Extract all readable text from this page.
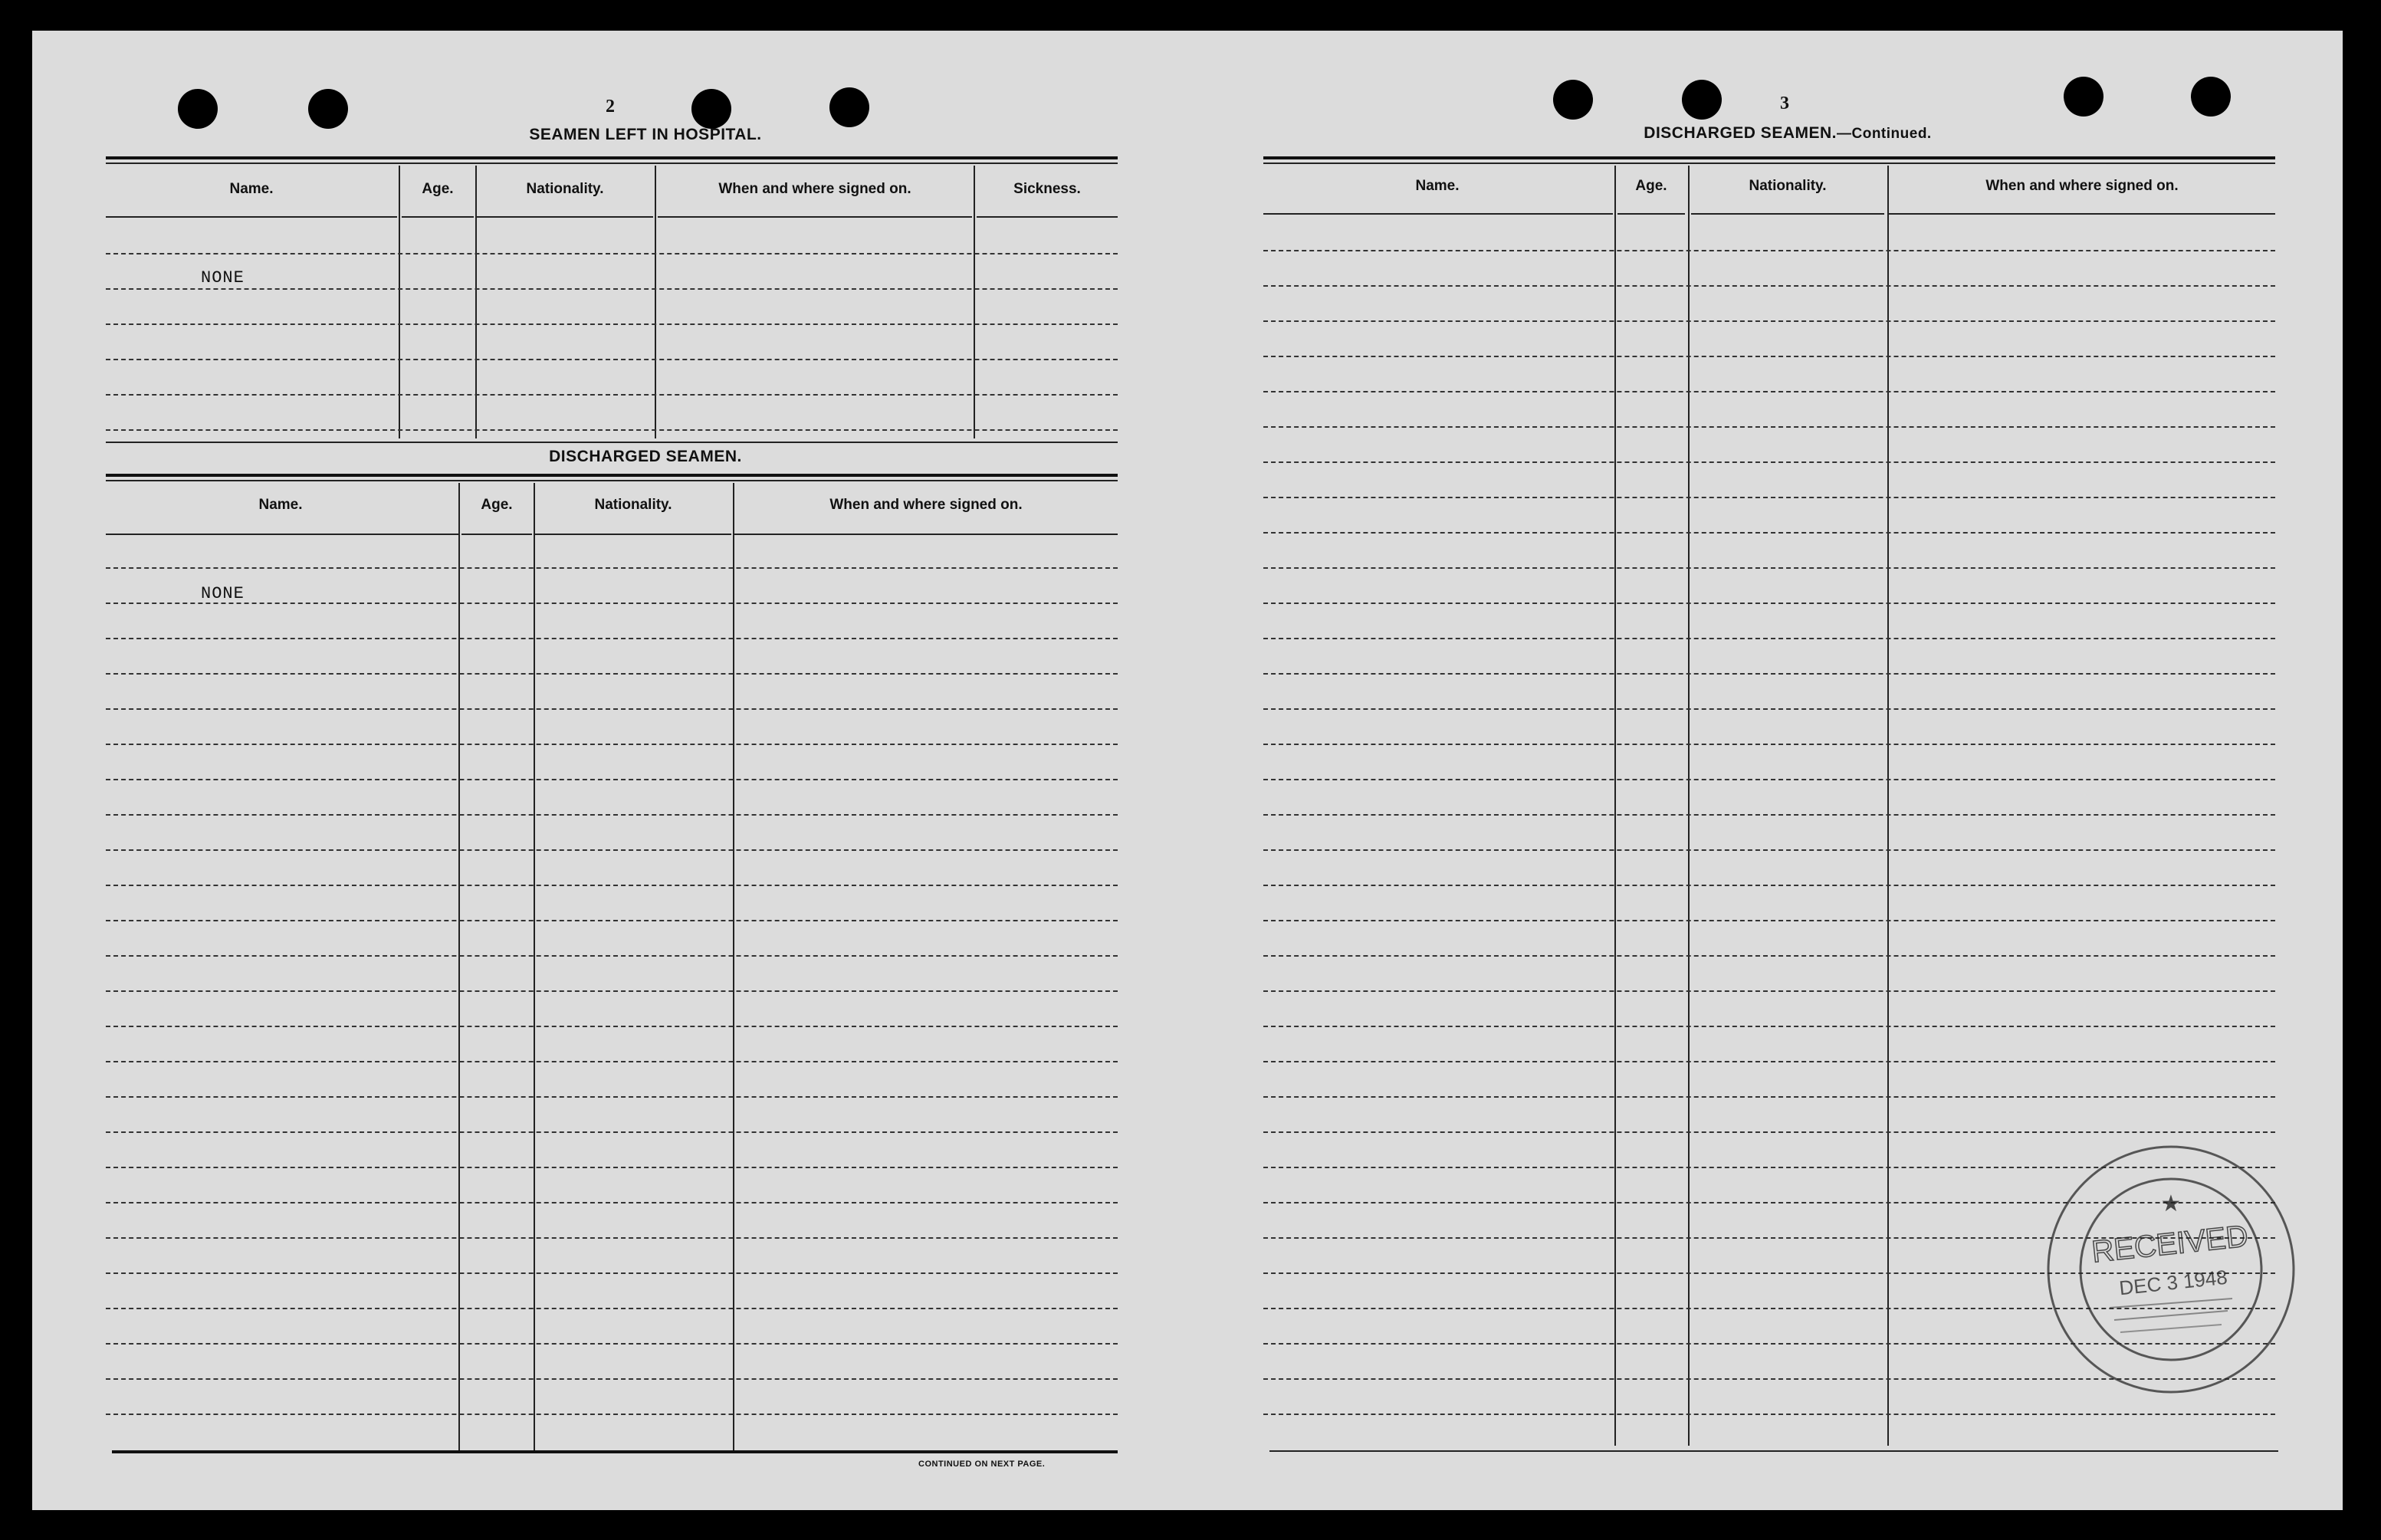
2
SEAMEN LEFT IN HOSPITAL.
Name.	Age.	Nationality.	When and where signed on.	Sickness.
NONE
DISCHARGED SEAMEN.
Name.	Age.	Nationality.	When and where signed on.
NONE
CONTINUED ON NEXT PAGE.
3
DISCHARGED SEAMEN.—Continued.
Name.	Age.	Nationality.	When and where signed on.
★
RECEIVED
DEC 3 1948
